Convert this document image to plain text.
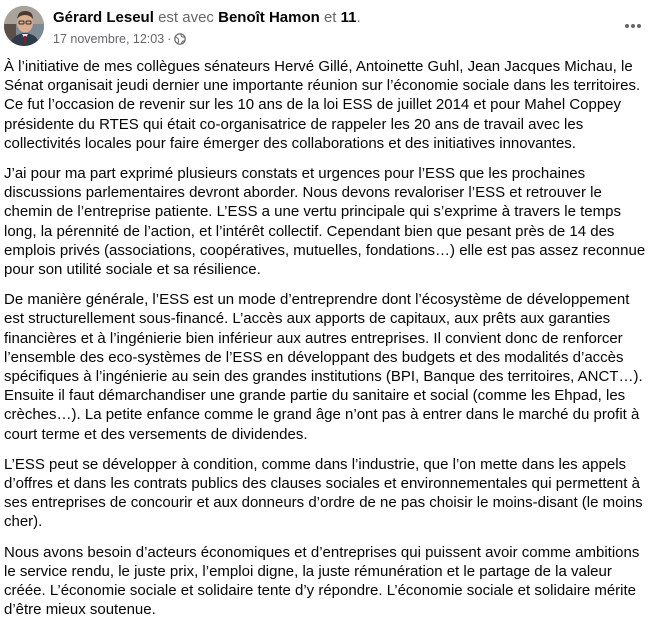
Gérard Leseul est avec Benoît Hamon et 11.
17 novembre, 12:03 ·

À l’initiative de mes collègues sénateurs Hervé Gillé, Antoinette Guhl, Jean Jacques Michau, le Sénat organisait jeudi dernier une importante réunion sur l’économie sociale dans les territoires. Ce fut l’occasion de revenir sur les 10 ans de la loi ESS de juillet 2014 et pour Mahel Coppey présidente du RTES qui était co-organisatrice de rappeler les 20 ans de travail avec les collectivités locales pour faire émerger des collaborations et des initiatives innovantes.

J’ai pour ma part exprimé plusieurs constats et urgences pour l’ESS que les prochaines discussions parlementaires devront aborder. Nous devons revaloriser l’ESS et retrouver le chemin de l’entreprise patiente. L’ESS a une vertu principale qui s’exprime à travers le temps long, la pérennité de l’action, et l’intérêt collectif. Cependant bien que pesant près de 14 des emplois privés (associations, coopératives, mutuelles, fondations…) elle est pas assez reconnue pour son utilité sociale et sa résilience.

De manière générale, l’ESS est un mode d’entreprendre dont l’écosystème de développement est structurellement sous-financé. L’accès aux apports de capitaux, aux prêts aux garanties financières et à l’ingénierie bien inférieur aux autres entreprises. Il convient donc de renforcer l’ensemble des eco-systèmes de l’ESS en développant des budgets et des modalités d’accès spécifiques à l’ingénierie au sein des grandes institutions (BPI, Banque des territoires, ANCT…). Ensuite il faut démarchandiser une grande partie du sanitaire et social (comme les Ehpad, les crèches…). La petite enfance comme le grand âge n’ont pas à entrer dans le marché du profit à court terme et des versements de dividendes.

L’ESS peut se développer à condition, comme dans l’industrie, que l’on mette dans les appels d’offres et dans les contrats publics des clauses sociales et environnementales qui permettent à ses entreprises de concourir et aux donneurs d’ordre de ne pas choisir le moins-disant (le moins cher).

Nous avons besoin d’acteurs économiques et d’entreprises qui puissent avoir comme ambitions le service rendu, le juste prix, l’emploi digne, la juste rémunération et le partage de la valeur créée. L’économie sociale et solidaire tente d’y répondre. L’économie sociale et solidaire mérite d’être mieux soutenue.
